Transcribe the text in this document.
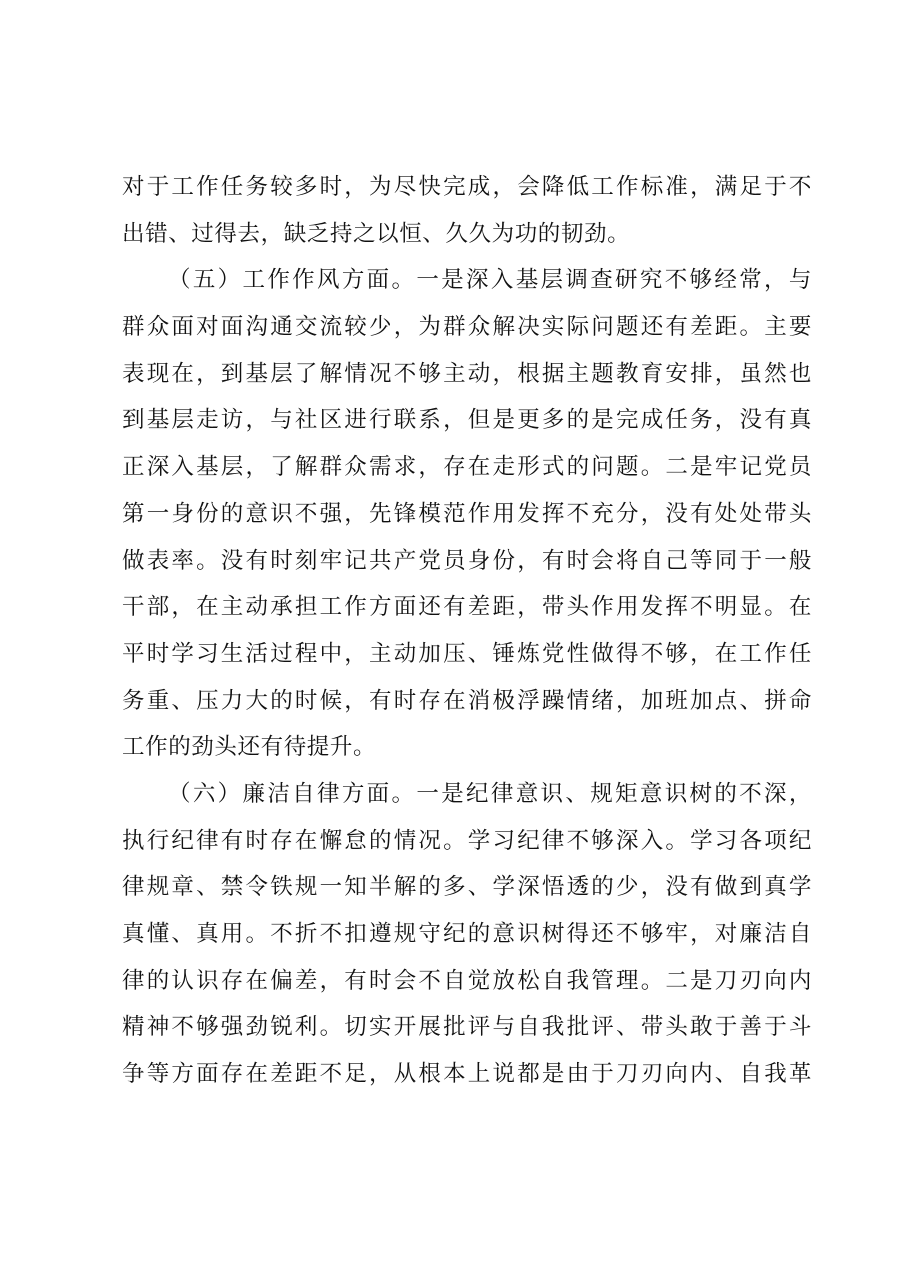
对于工作任务较多时，为尽快完成，会降低工作标准，满足于不
出错、过得去，缺乏持之以恒、久久为功的韧劲。
（五）工作作风方面。一是深入基层调查研究不够经常，与
群众面对面沟通交流较少，为群众解决实际问题还有差距。主要
表现在，到基层了解情况不够主动，根据主题教育安排，虽然也
到基层走访，与社区进行联系，但是更多的是完成任务，没有真
正深入基层，了解群众需求，存在走形式的问题。二是牢记党员
第一身份的意识不强，先锋模范作用发挥不充分，没有处处带头
做表率。没有时刻牢记共产党员身份，有时会将自己等同于一般
干部，在主动承担工作方面还有差距，带头作用发挥不明显。在
平时学习生活过程中，主动加压、锤炼党性做得不够，在工作任
务重、压力大的时候，有时存在消极浮躁情绪，加班加点、拼命
工作的劲头还有待提升。
（六）廉洁自律方面。一是纪律意识、规矩意识树的不深，
执行纪律有时存在懈怠的情况。学习纪律不够深入。学习各项纪
律规章、禁令铁规一知半解的多、学深悟透的少，没有做到真学
真懂、真用。不折不扣遵规守纪的意识树得还不够牢，对廉洁自
律的认识存在偏差，有时会不自觉放松自我管理。二是刀刃向内
精神不够强劲锐利。切实开展批评与自我批评、带头敢于善于斗
争等方面存在差距不足，从根本上说都是由于刀刃向内、自我革
